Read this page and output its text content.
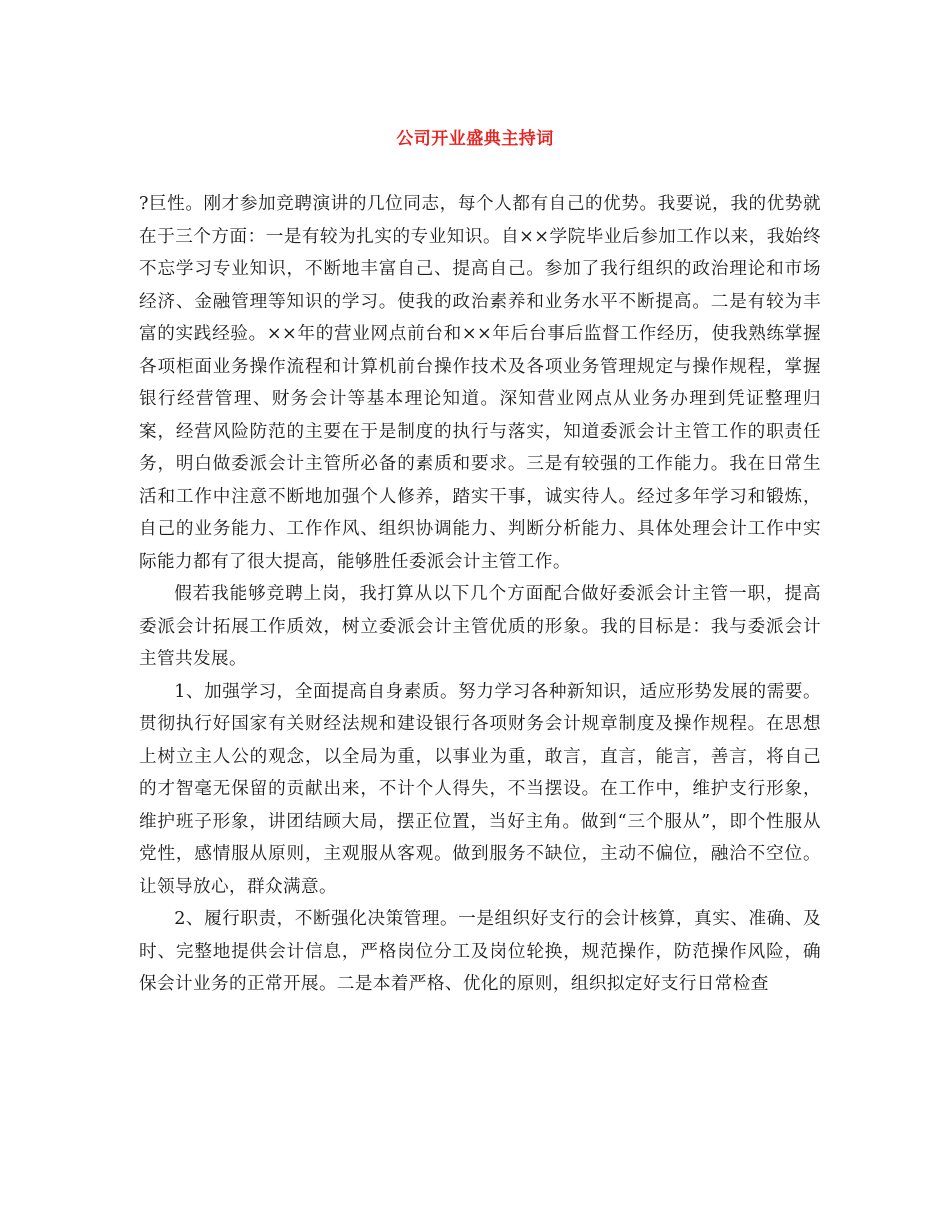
公司开业盛典主持词

?巨性。刚才参加竞聘演讲的几位同志，每个人都有自己的优势。我要说，我的优势就在于三个方面：一是有较为扎实的专业知识。自××学院毕业后参加工作以来，我始终不忘学习专业知识，不断地丰富自己、提高自己。参加了我行组织的政治理论和市场经济、金融管理等知识的学习。使我的政治素养和业务水平不断提高。二是有较为丰富的实践经验。××年的营业网点前台和××年后台事后监督工作经历，使我熟练掌握各项柜面业务操作流程和计算机前台操作技术及各项业务管理规定与操作规程，掌握银行经营管理、财务会计等基本理论知道。深知营业网点从业务办理到凭证整理归案，经营风险防范的主要在于是制度的执行与落实，知道委派会计主管工作的职责任务，明白做委派会计主管所必备的素质和要求。三是有较强的工作能力。我在日常生活和工作中注意不断地加强个人修养，踏实干事，诚实待人。经过多年学习和锻炼，自己的业务能力、工作作风、组织协调能力、判断分析能力、具体处理会计工作中实际能力都有了很大提高，能够胜任委派会计主管工作。

假若我能够竞聘上岗，我打算从以下几个方面配合做好委派会计主管一职，提高委派会计拓展工作质效，树立委派会计主管优质的形象。我的目标是：我与委派会计主管共发展。

1、加强学习，全面提高自身素质。努力学习各种新知识，适应形势发展的需要。贯彻执行好国家有关财经法规和建设银行各项财务会计规章制度及操作规程。在思想上树立主人公的观念，以全局为重，以事业为重，敢言，直言，能言，善言，将自己的才智毫无保留的贡献出来，不计个人得失，不当摆设。在工作中，维护支行形象，维护班子形象，讲团结顾大局，摆正位置，当好主角。做到“三个服从”，即个性服从党性，感情服从原则，主观服从客观。做到服务不缺位，主动不偏位，融洽不空位。让领导放心，群众满意。

2、履行职责，不断强化决策管理。一是组织好支行的会计核算，真实、准确、及时、完整地提供会计信息，严格岗位分工及岗位轮换，规范操作，防范操作风险，确保会计业务的正常开展。二是本着严格、优化的原则，组织拟定好支行日常检查
